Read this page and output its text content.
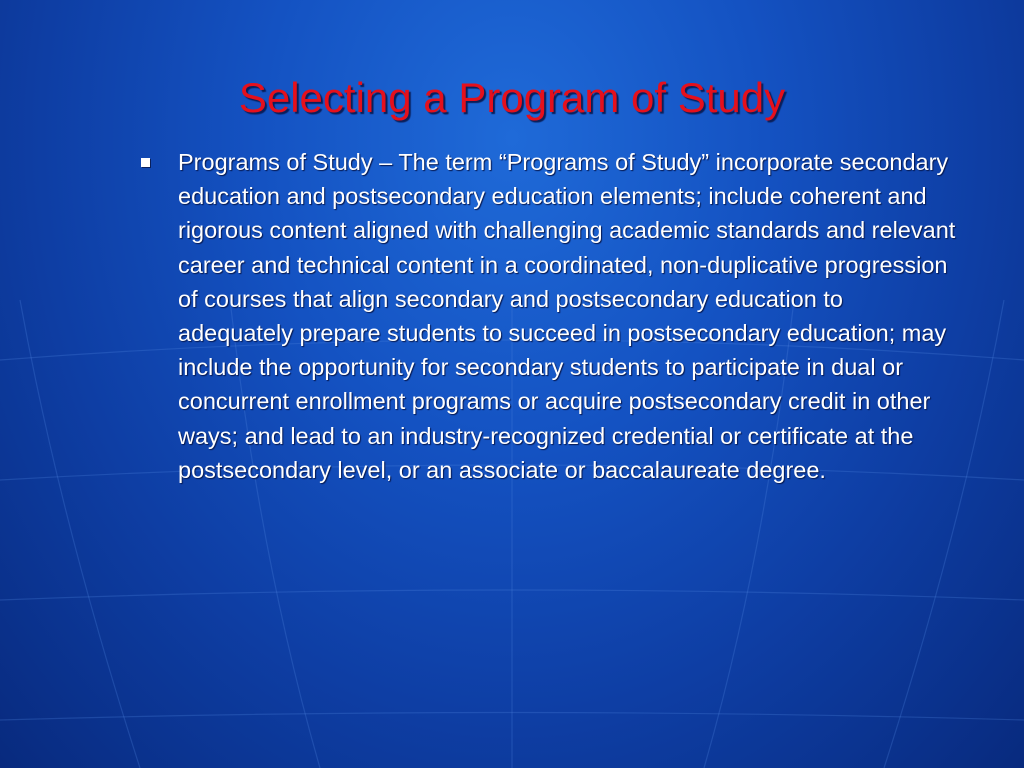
Selecting a Program of Study
Programs of Study – The term “Programs of Study” incorporate secondary education and postsecondary education elements; include coherent and rigorous content aligned with challenging academic standards and relevant career and technical content in a coordinated, non-duplicative progression of courses that align secondary and postsecondary education to adequately prepare students to succeed in postsecondary education; may include the opportunity for secondary students to participate in dual or concurrent enrollment programs or acquire postsecondary credit in other ways; and lead to an industry-recognized credential or certificate at the postsecondary level, or an associate or baccalaureate degree.
